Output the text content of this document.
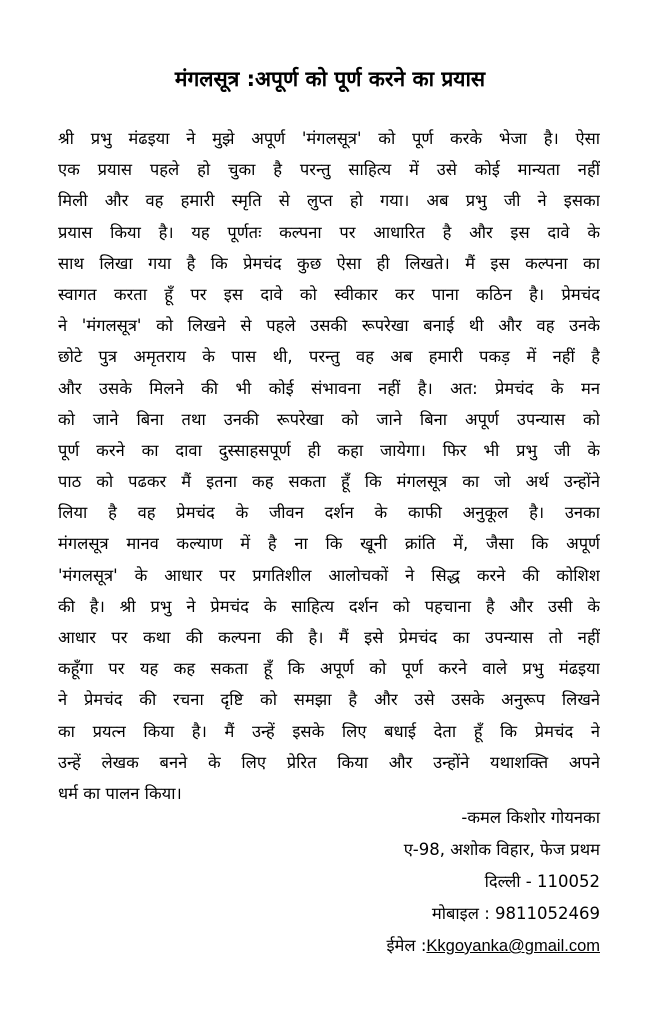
मंगलसूत्र :अपूर्ण को पूर्ण करने का प्रयास
श्री प्रभु मंढइया ने मुझे अपूर्ण 'मंगलसूत्र' को पूर्ण करके भेजा है। ऐसा
एक प्रयास पहले हो चुका है परन्तु साहित्य में उसे कोई मान्यता नहीं
मिली और वह हमारी स्मृति से लुप्त हो गया। अब प्रभु जी ने इसका
प्रयास किया है। यह पूर्णतः कल्पना पर आधारित है और इस दावे के
साथ लिखा गया है कि प्रेमचंद कुछ ऐसा ही लिखते। मैं इस कल्पना का
स्वागत करता हूँ पर इस दावे को स्वीकार कर पाना कठिन है। प्रेमचंद
ने 'मंगलसूत्र' को लिखने से पहले उसकी रूपरेखा बनाई थी और वह उनके
छोटे पुत्र अमृतराय के पास थी, परन्तु वह अब हमारी पकड़ में नहीं है
और उसके मिलने की भी कोई संभावना नहीं है। अत: प्रेमचंद के मन
को जाने बिना तथा उनकी रूपरेखा को जाने बिना अपूर्ण उपन्यास को
पूर्ण करने का दावा दुस्साहसपूर्ण ही कहा जायेगा। फिर भी प्रभु जी के
पाठ को पढकर मैं इतना कह सकता हूँ कि मंगलसूत्र का जो अर्थ उन्होंने
लिया है वह प्रेमचंद के जीवन दर्शन के काफी अनुकूल है। उनका
मंगलसूत्र मानव कल्याण में है ना कि खूनी क्रांति में, जैसा कि अपूर्ण
'मंगलसूत्र' के आधार पर प्रगतिशील आलोचकों ने सिद्ध करने की कोशिश
की है। श्री प्रभु ने प्रेमचंद के साहित्य दर्शन को पहचाना है और उसी के
आधार पर कथा की कल्पना की है। मैं इसे प्रेमचंद का उपन्यास तो नहीं
कहूँगा पर यह कह सकता हूँ कि अपूर्ण को पूर्ण करने वाले प्रभु मंढइया
ने प्रेमचंद की रचना दृष्टि को समझा है और उसे उसके अनुरूप लिखने
का प्रयत्न किया है। मैं उन्हें इसके लिए बधाई देता हूँ कि प्रेमचंद ने
उन्हें लेखक बनने के लिए प्रेरित किया और उन्होंने यथाशक्ति अपने
धर्म का पालन किया।
-कमल किशोर गोयनका
ए-98, अशोक विहार, फेज प्रथम
दिल्ली - 110052
मोबाइल : 9811052469
ईमेल :Kkgoyanka@gmail.com
